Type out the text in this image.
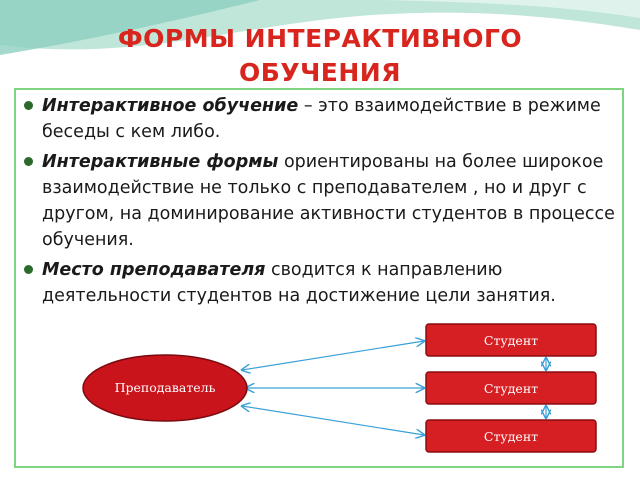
ФОРМЫ ИНТЕРАКТИВНОГО
ОБУЧЕНИЯ
Интерактивное обучение – это взаимодействие в режиме беседы с кем либо.
Интерактивные формы ориентированы на более широкое взаимодействие не только с преподавателем , но и друг с другом, на доминирование активности студентов в процессе обучения.
Место преподавателя сводится к направлению деятельности студентов на достижение цели занятия.
Преподаватель
Студент
Студент
Студент
